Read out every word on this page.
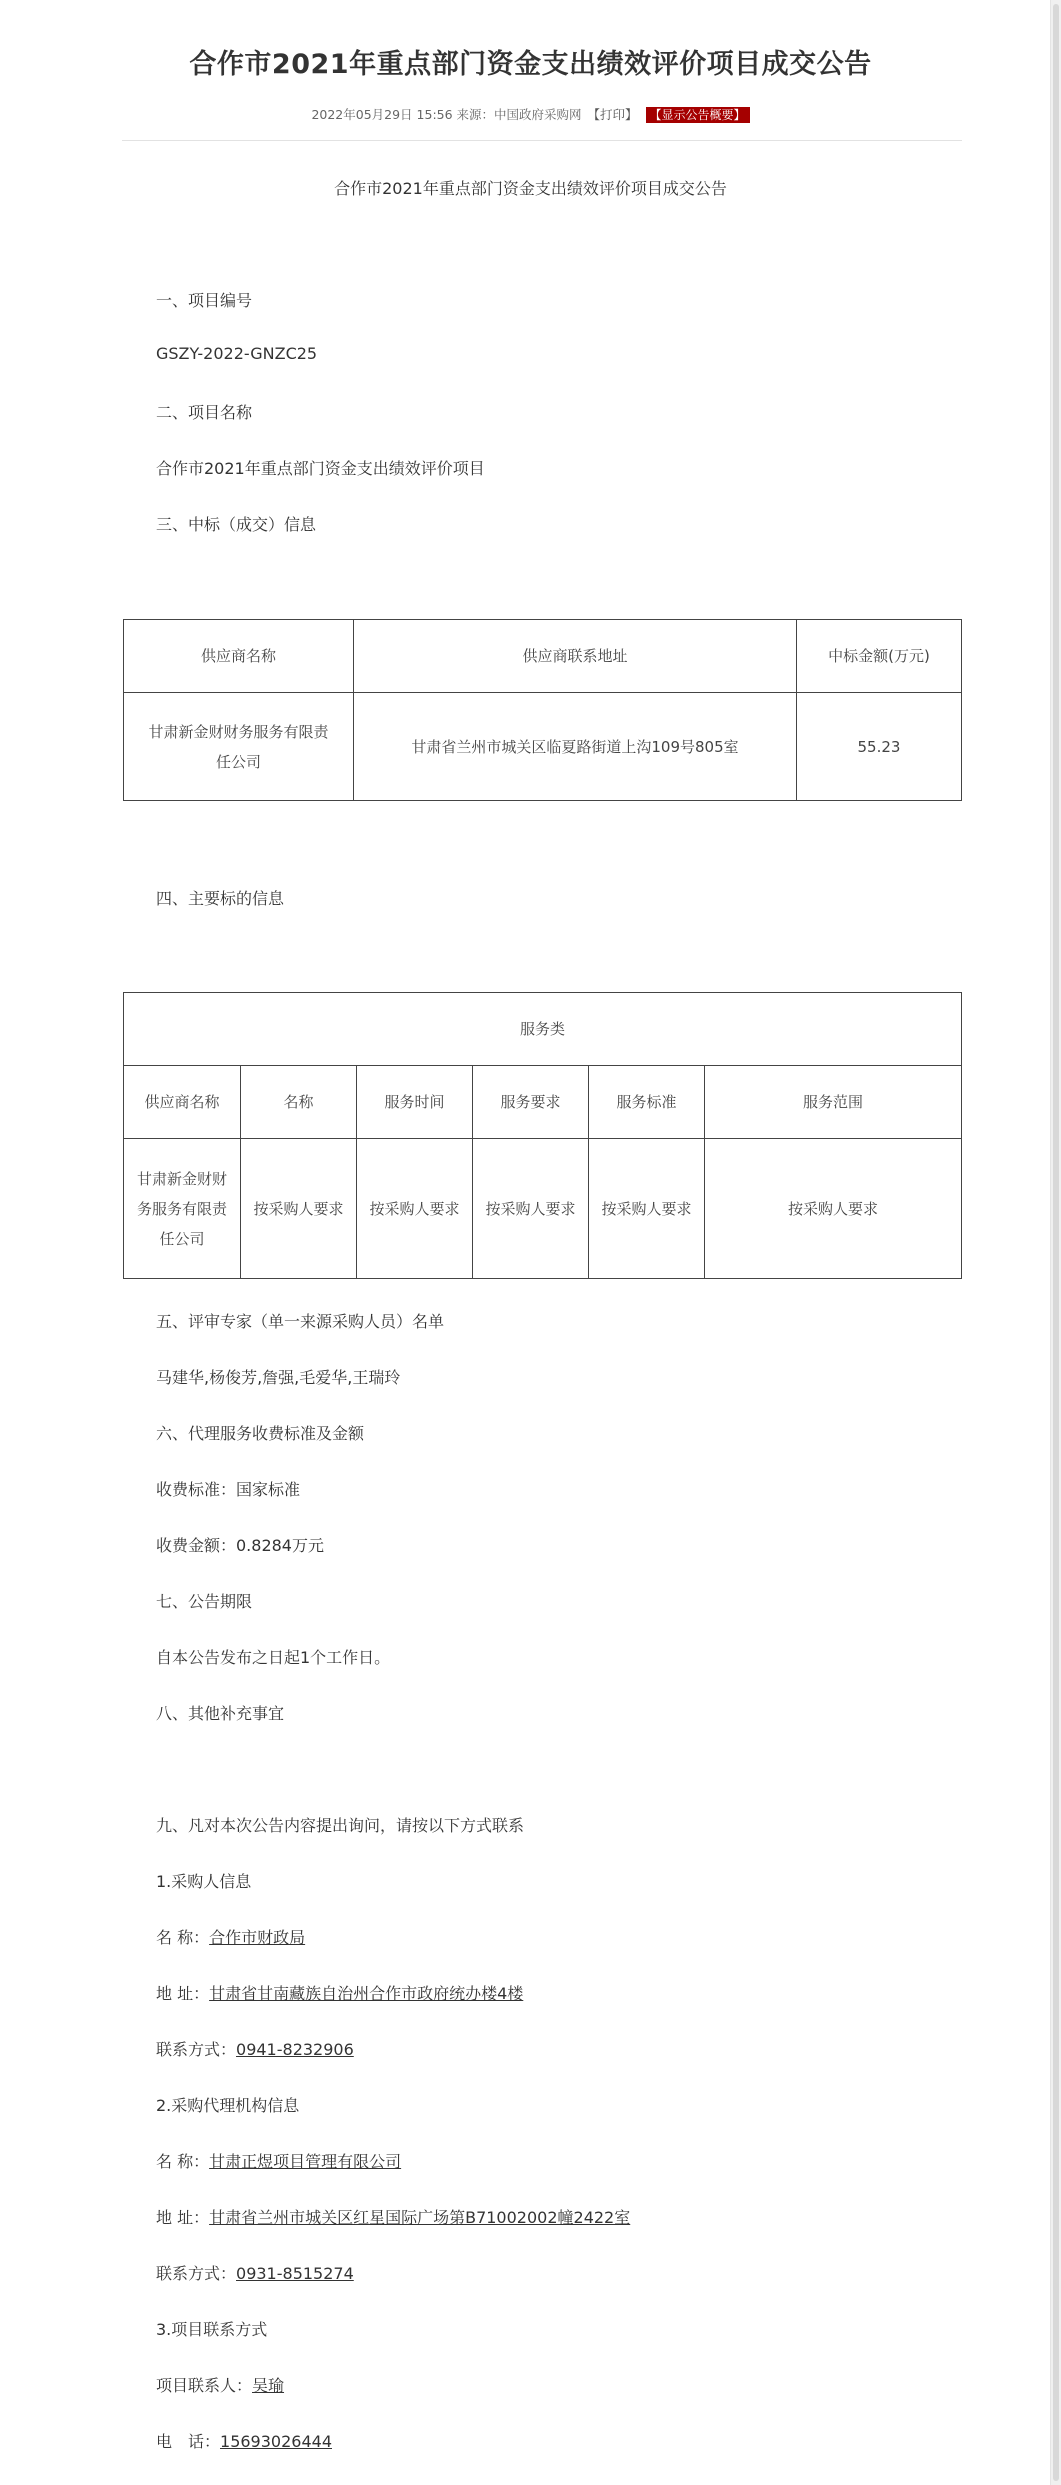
合作市2021年重点部门资金支出绩效评价项目成交公告
2022年05月29日 15:56 来源：中国政府采购网 【打印】 【显示公告概要】
合作市2021年重点部门资金支出绩效评价项目成交公告
一、项目编号
GSZY-2022-GNZC25
二、项目名称
合作市2021年重点部门资金支出绩效评价项目
三、中标（成交）信息
供应商名称	供应商联系地址	中标金额(万元)

甘肃新金财财务服务有限责
任公司	甘肃省兰州市城关区临夏路街道上沟109号805室	55.23
四、主要标的信息
服务类					
供应商名称	名称	服务时间	服务要求	服务标准	服务范围

甘肃新金财财
务服务有限责
任公司	按采购人要求	按采购人要求	按采购人要求	按采购人要求	按采购人要求
五、评审专家（单一来源采购人员）名单
马建华,杨俊芳,詹强,毛爱华,王瑞玲
六、代理服务收费标准及金额
收费标准：国家标准
收费金额：0.8284万元
七、公告期限
自本公告发布之日起1个工作日。
八、其他补充事宜
九、凡对本次公告内容提出询问，请按以下方式联系
1.采购人信息
名 称：合作市财政局
地 址：甘肃省甘南藏族自治州合作市政府统办楼4楼
联系方式：0941-8232906
2.采购代理机构信息
名 称：甘肃正煜项目管理有限公司
地 址：甘肃省兰州市城关区红星国际广场第B71002002幢2422室
联系方式：0931-8515274
3.项目联系方式
项目联系人：吴瑜
电　话：15693026444
